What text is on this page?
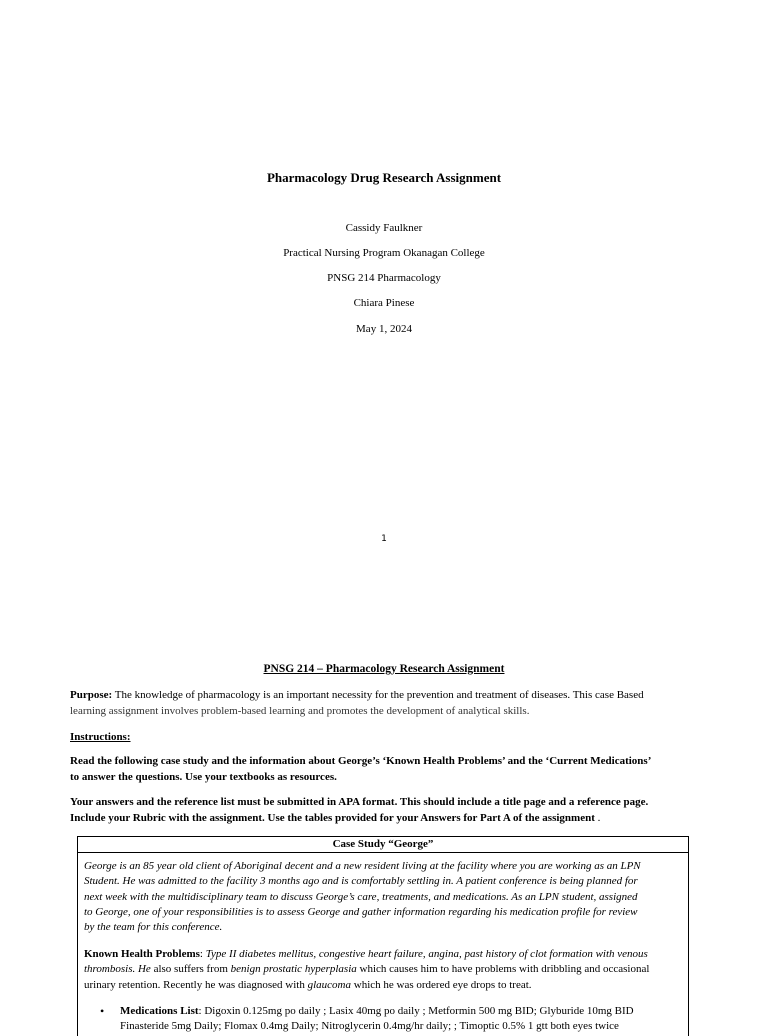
Pharmacology Drug Research Assignment
Cassidy Faulkner
Practical Nursing Program Okanagan College
PNSG 214 Pharmacology
Chiara Pinese
May 1, 2024
1
PNSG 214 – Pharmacology Research Assignment
Purpose: The knowledge of pharmacology is an important necessity for the prevention and treatment of diseases. This case Based
learning assignment involves problem-based learning and promotes the development of analytical skills.
Instructions:
Read the following case study and the information about George’s ‘Known Health Problems’ and the ‘Current Medications’
to answer the questions. Use your textbooks as resources.
Your answers and the reference list must be submitted in APA format. This should include a title page and a reference page.
Include your Rubric with the assignment. Use the tables provided for your Answers for Part A of the assignment .
Case Study “George”
George is an 85 year old client of Aboriginal decent and a new resident living at the facility where you are working as an LPN
Student. He was admitted to the facility 3 months ago and is comfortably settling in. A patient conference is being planned for
next week with the multidisciplinary team to discuss George’s care, treatments, and medications. As an LPN student, assigned
to George, one of your responsibilities is to assess George and gather information regarding his medication profile for review
by the team for this conference.
Known Health Problems: Type II diabetes mellitus, congestive heart failure, angina, past history of clot formation with venous
thrombosis. He also suffers from benign prostatic hyperplasia which causes him to have problems with dribbling and occasional
urinary retention. Recently he was diagnosed with glaucoma which he was ordered eye drops to treat.
• Medications List: Digoxin 0.125mg po daily ; Lasix 40mg po daily ; Metformin 500 mg BID; Glyburide 10mg BID
Finasteride 5mg Daily; Flomax 0.4mg Daily; Nitroglycerin 0.4mg/hr daily; ; Timoptic 0.5% 1 gtt both eyes twice
